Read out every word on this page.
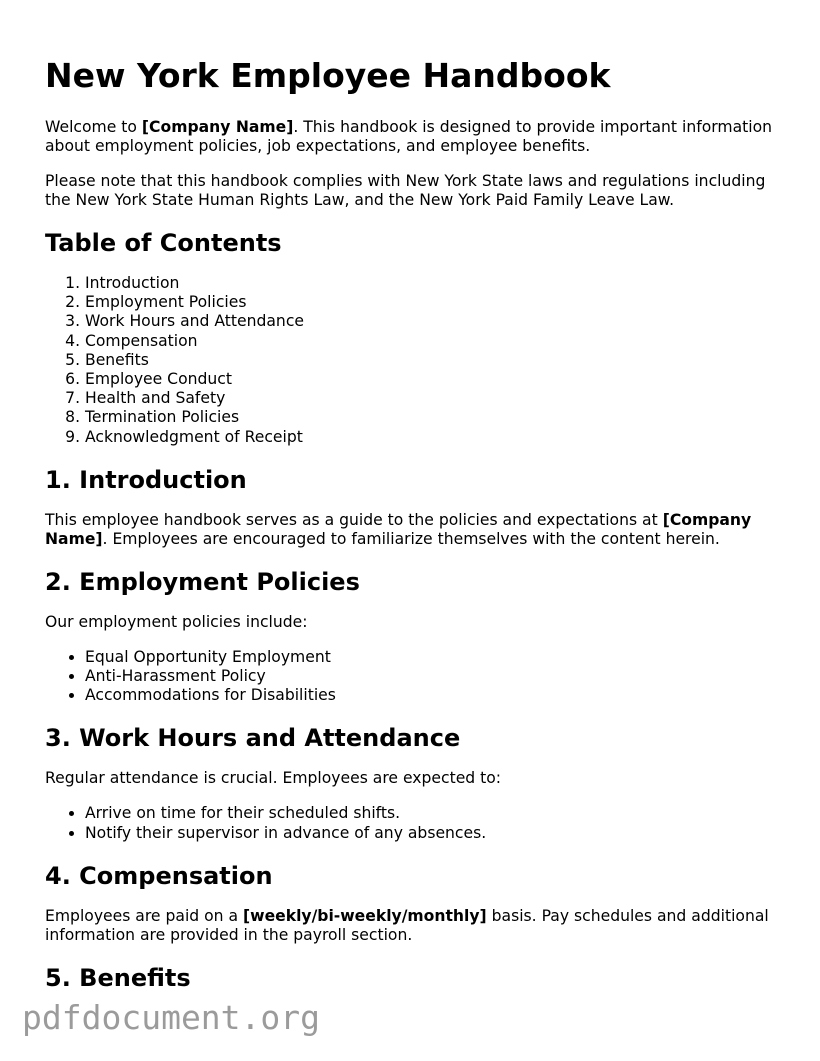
New York Employee Handbook

Welcome to [Company Name]. This handbook is designed to provide important information about employment policies, job expectations, and employee benefits.

Please note that this handbook complies with New York State laws and regulations including the New York State Human Rights Law, and the New York Paid Family Leave Law.

Table of Contents
1. Introduction
2. Employment Policies
3. Work Hours and Attendance
4. Compensation
5. Benefits
6. Employee Conduct
7. Health and Safety
8. Termination Policies
9. Acknowledgment of Receipt
1. Introduction

This employee handbook serves as a guide to the policies and expectations at [Company Name]. Employees are encouraged to familiarize themselves with the content herein.

2. Employment Policies

Our employment policies include:

• Equal Opportunity Employment
• Anti-Harassment Policy
• Accommodations for Disabilities
3. Work Hours and Attendance

Regular attendance is crucial. Employees are expected to:

• Arrive on time for their scheduled shifts.
• Notify their supervisor in advance of any absences.
4. Compensation

Employees are paid on a [weekly/bi-weekly/monthly] basis. Pay schedules and additional information are provided in the payroll section.

5. Benefits
pdfdocument.org
